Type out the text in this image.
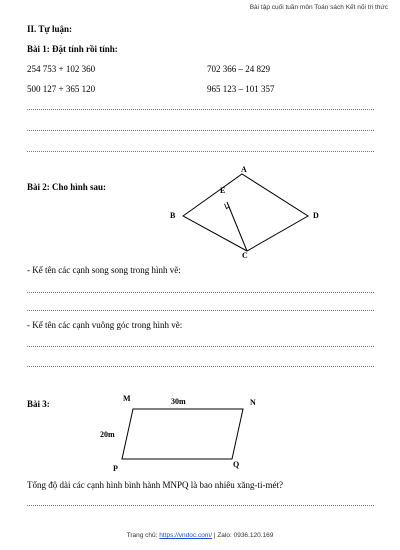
Bài tập cuối tuần môn Toán sách Kết nối tri thức
II. Tự luận:
Bài 1: Đặt tính rồi tính:
254 753 + 102 360	702 366 – 24 829
500 127 + 365 120	965 123 – 101 357
Bài 2: Cho hình sau:
A
B
C
D
E
- Kể tên các cạnh song song trong hình vẽ:
- Kể tên các cạnh vuông góc trong hình vẽ:
Bài 3:
M	N
P	Q
30m
20m
Tổng độ dài các cạnh hình bình hành MNPQ là bao nhiêu xăng-ti-mét?
Trang chủ: https://vndoc.com/ | Zalo: 0936.120.169
